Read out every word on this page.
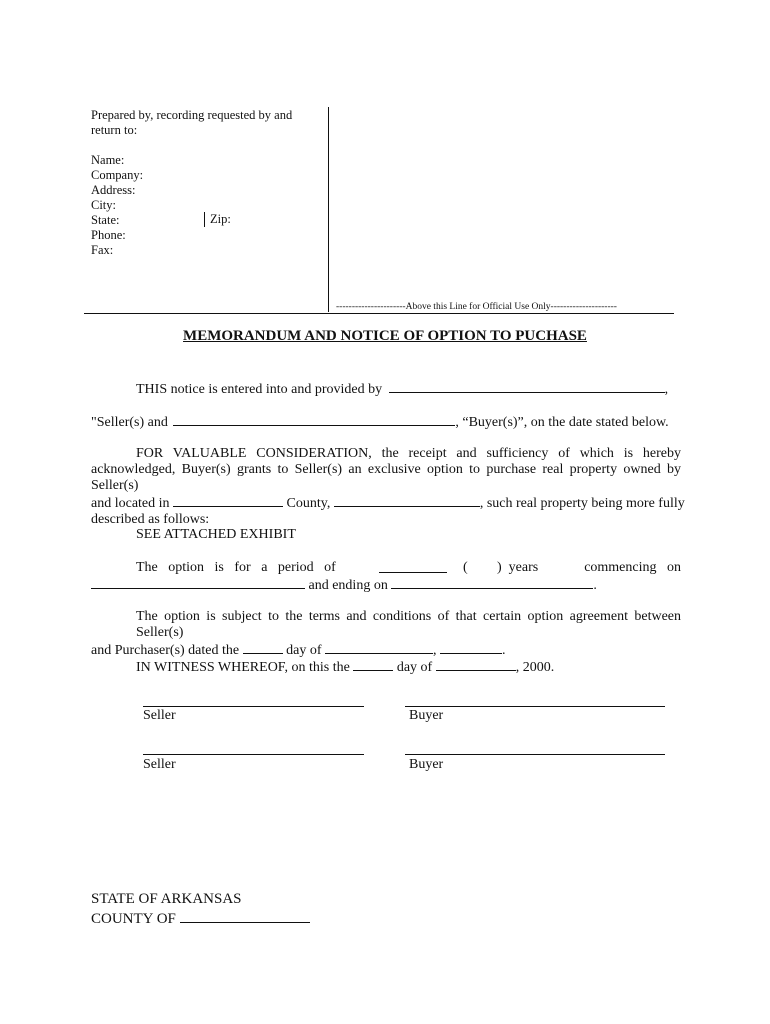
Prepared by, recording requested by and return to:
Name:
Company:
Address:
City:
State:
Phone:
Fax:
Zip:
----------------------Above this Line for Official Use Only---------------------
MEMORANDUM AND NOTICE OF OPTION TO PUCHASE
THIS notice is entered into and provided by	,
"Seller(s) and	, “Buyer(s)”, on the date stated below.
FOR VALUABLE CONSIDERATION, the receipt and sufficiency of which is hereby
acknowledged, Buyer(s) grants to Seller(s) an exclusive option to purchase real property owned by Seller(s)
and located in	County,	, such real property being more fully
described as follows:
SEE ATTACHED EXHIBIT
The   option   is   for   a   period   of	( )  years	commencing   on
and ending on	.
The option is subject to the terms and conditions of that certain option agreement between Seller(s)
and Purchaser(s) dated the	day of	,	.
IN WITNESS WHEREOF, on this the	day of	, 2000.
Seller	Buyer
Seller	Buyer
STATE OF ARKANSAS
COUNTY OF
